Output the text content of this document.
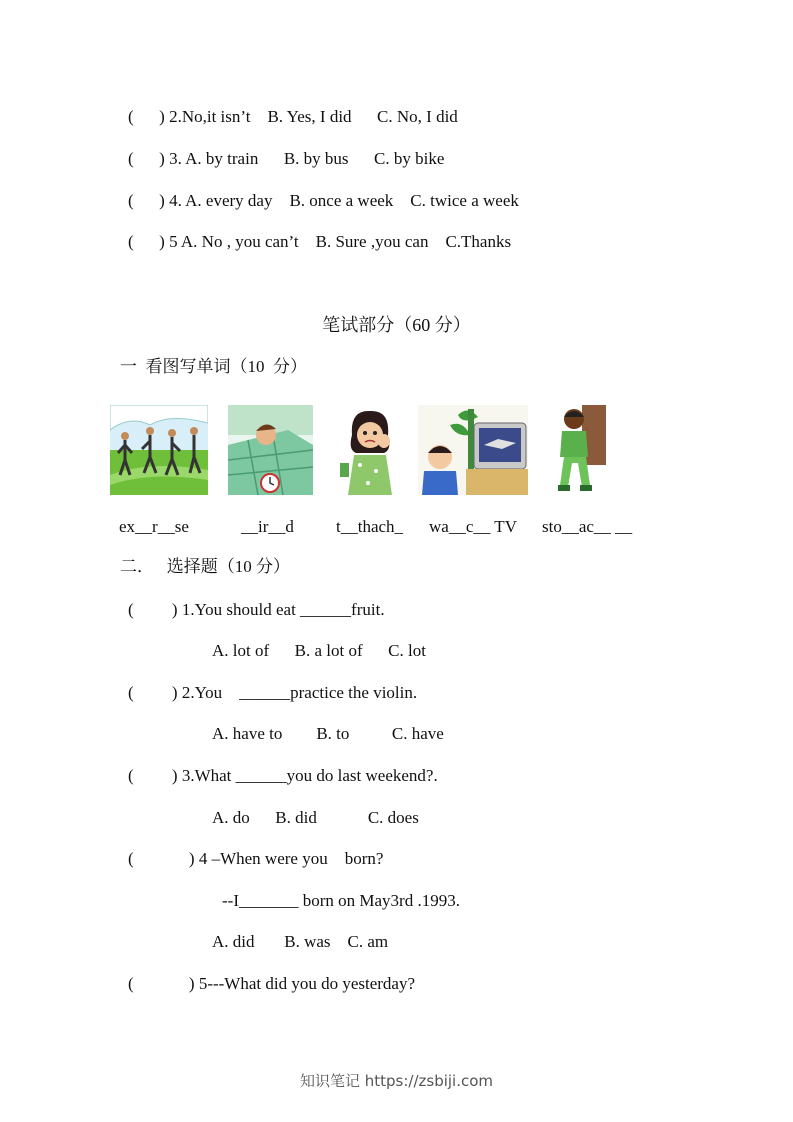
(      ) 2.No,it isn’t    B. Yes, I did      C. No, I did
(      ) 3. A. by train      B. by bus      C. by bike
(      ) 4. A. every day    B. once a week    C. twice a week
(      ) 5 A. No , you can’t    B. Sure ,you can    C.Thanks
笔试部分（60 分）
一  看图写单词（10  分）
ex__r__se	__ir__d t__thach_ wa__c__ TV sto__ac__ __
二．   选择题（10 分）
(         ) 1.You should eat ______fruit.
A. lot of      B. a lot of      C. lot
(         ) 2.You    ______practice the violin.
A. have to        B. to          C. have
(         ) 3.What ______you do last weekend?.
A. do      B. did            C. does
(             ) 4 –When were you    born?
--I_______ born on May3rd .1993.
A. did       B. was    C. am
(             ) 5---What did you do yesterday?
知识笔记 https://zsbiji.com
